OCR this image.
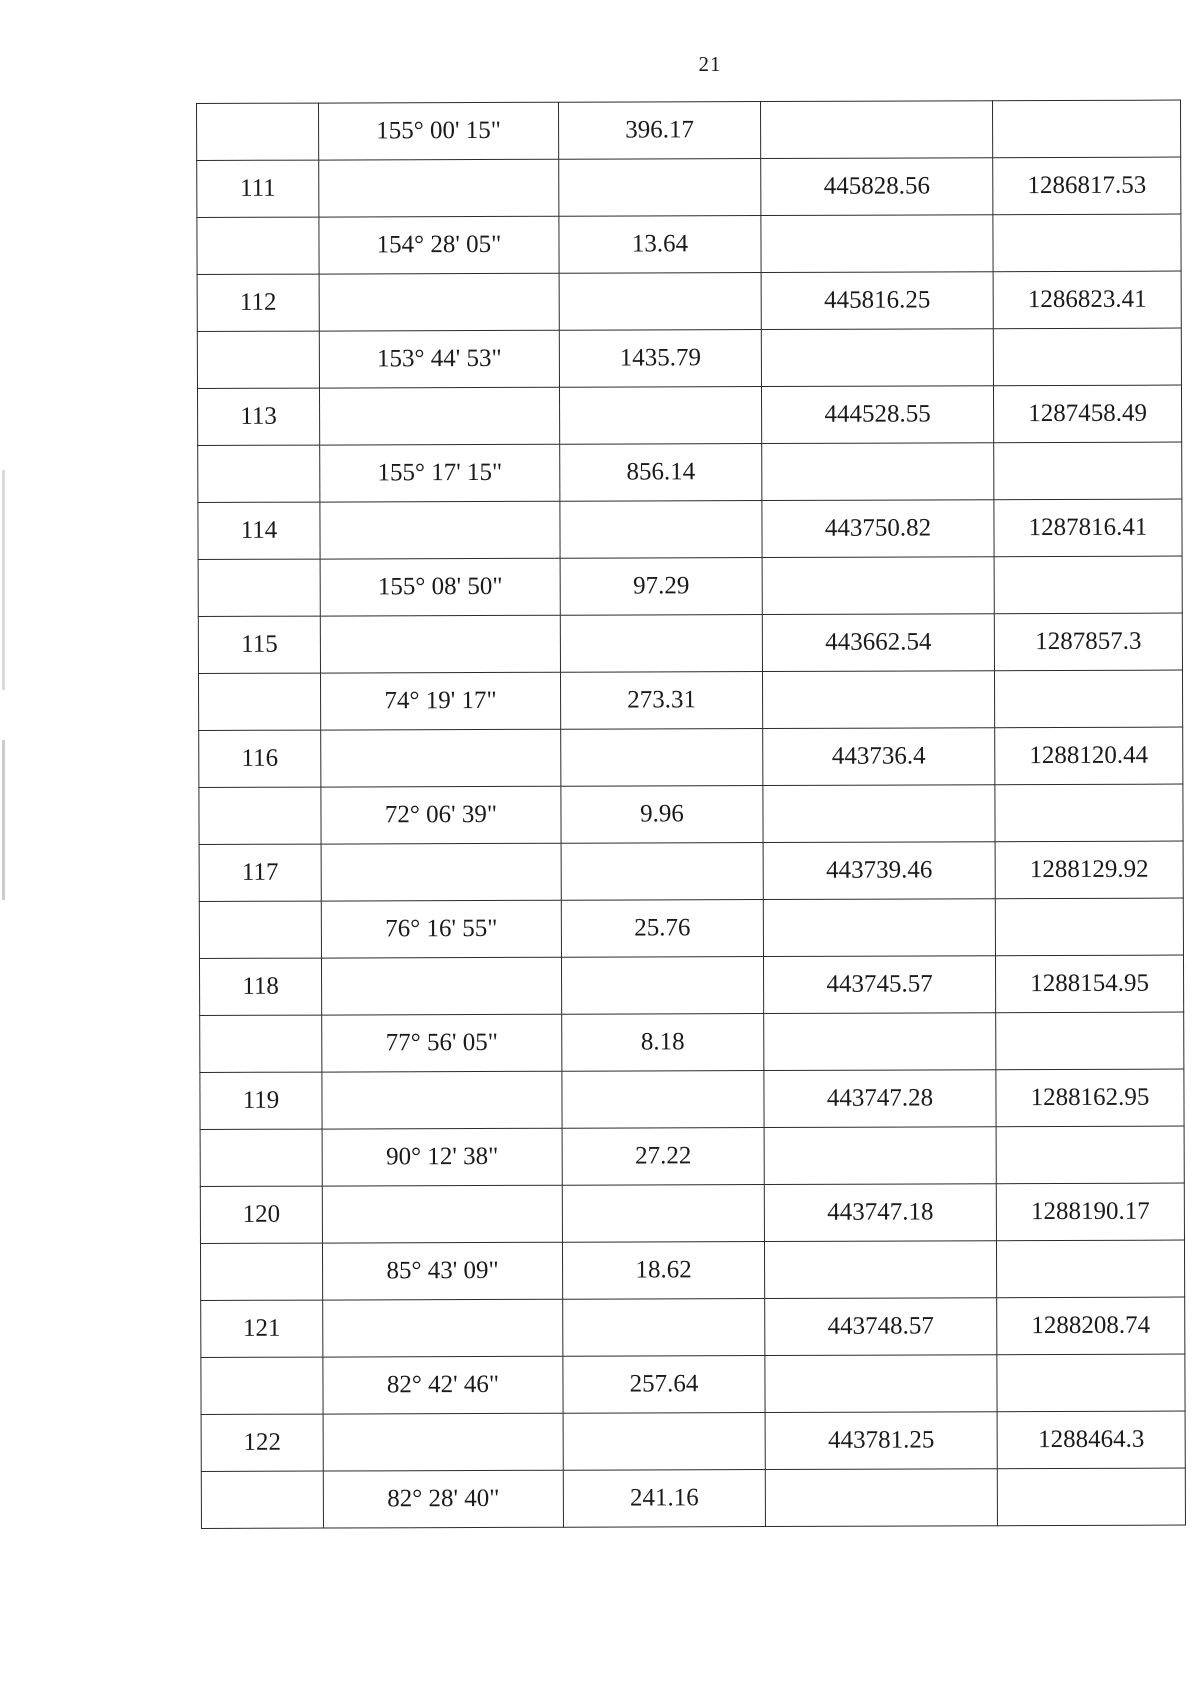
21
	155° 00' 15"	396.17		
111			445828.56	1286817.53
	154° 28' 05"	13.64		
112			445816.25	1286823.41
	153° 44' 53"	1435.79		
113			444528.55	1287458.49
	155° 17' 15"	856.14		
114			443750.82	1287816.41
	155° 08' 50"	97.29		
115			443662.54	1287857.3
	74° 19' 17"	273.31		
116			443736.4	1288120.44
	72° 06' 39"	9.96		
117			443739.46	1288129.92
	76° 16' 55"	25.76		
118			443745.57	1288154.95
	77° 56' 05"	8.18		
119			443747.28	1288162.95
	90° 12' 38"	27.22		
120			443747.18	1288190.17
	85° 43' 09"	18.62		
121			443748.57	1288208.74
	82° 42' 46"	257.64		
122			443781.25	1288464.3
	82° 28' 40"	241.16		
